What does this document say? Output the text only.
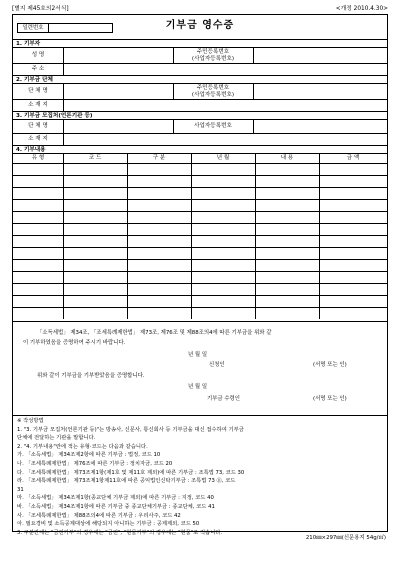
[별지 제45호의2서식]	<개정 2010.4.30>
일련번호	기부금 영수증
1. 기부자
성 명
주민등록번호
(사업자등록번호)
주 소
2. 기부금 단체
단 체 명
주민등록번호
(사업자등록번호)
소 재 지
3. 기부금 모집처(언론기관 등)
단 체 명	사업자등록번호
소 재 지
4. 기부내용
유 형	코 드	구 분	년 월	내 용	금 액
「소득세법」 제34조, 「조세특례제한법」 제73조, 제76조 및 제88조의4에 따른 기부금을 위와 같
이 기부하였음을 증명하여 주시기 바랍니다.
년 월 일
신청인	(서명 또는 인)
위와 같이 기부금을 기부받았음을 증명합니다.
년 월 일
기부금 수령인	(서명 또는 인)
※ 작성방법
1. "3. 기부금 모집처(언론기관 등)"는 방송사, 신문사, 통신회사 등 기부금을 대신 접수하여 기부금
단체에 전달하는 기관을 말합니다.
2. "4. 기부내용"란에 적는 유형·코드는 다음과 같습니다.
가. 「소득세법」 제34조제2항에 따른 기부금 : 법정, 코드 10
나. 「조세특례제한법」 제76조에 따른 기부금 : 정치자금, 코드 20
다. 「조세특례제한법」 제73조제1항(제1호 및 제11호 제외)에 따른 기부금 : 조특법 73, 코드 30
라. 「조세특례제한법」 제73조제1항제11호에 따른 공익법인신탁기부금 : 조특법 73 ⑪, 코드
31
마. 「소득세법」 제34조제1항(종교단체 기부금 제외)에 따른 기부금 : 지정, 코드 40
바. 「소득세법」 제34조제1항에 따른 기부금 중 종교단체기부금 : 종교단체, 코드 41
사. 「조세특례제한법」 제88조의4에 따른 기부금 : 우리사주, 코드 42
아. 필요경비 및 소득공제대상에 해당되지 아니하는 기부금 : 공제제외, 코드 50
3. 구분란에는 "금전기부"의 경우에는 "금전", "현물기부"의 경우에는 "현물"로 적습니다.
210㎜×297㎜(신문용지 54g/㎡)
